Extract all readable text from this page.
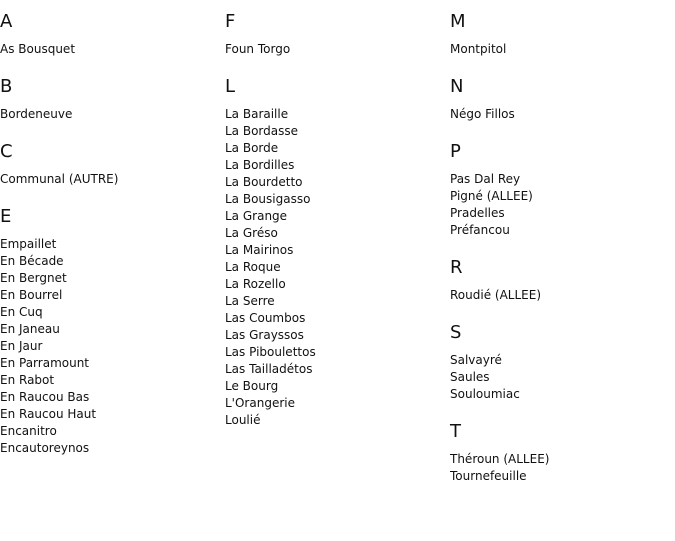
A
As Bousquet
B
Bordeneuve
C
Communal (AUTRE)
E
Empaillet
En Bécade
En Bergnet
En Bourrel
En Cuq
En Janeau
En Jaur
En Parramount
En Rabot
En Raucou Bas
En Raucou Haut
Encanitro
Encautoreynos
F
Foun Torgo
L
La Baraille
La Bordasse
La Borde
La Bordilles
La Bourdetto
La Bousigasso
La Grange
La Gréso
La Mairinos
La Roque
La Rozello
La Serre
Las Coumbos
Las Grayssos
Las Piboulettos
Las Tailladétos
Le Bourg
L'Orangerie
Loulié
M
Montpitol
N
Négo Fillos
P
Pas Dal Rey
Pigné (ALLEE)
Pradelles
Préfancou
R
Roudié (ALLEE)
S
Salvayré
Saules
Souloumiac
T
Théroun (ALLEE)
Tournefeuille
